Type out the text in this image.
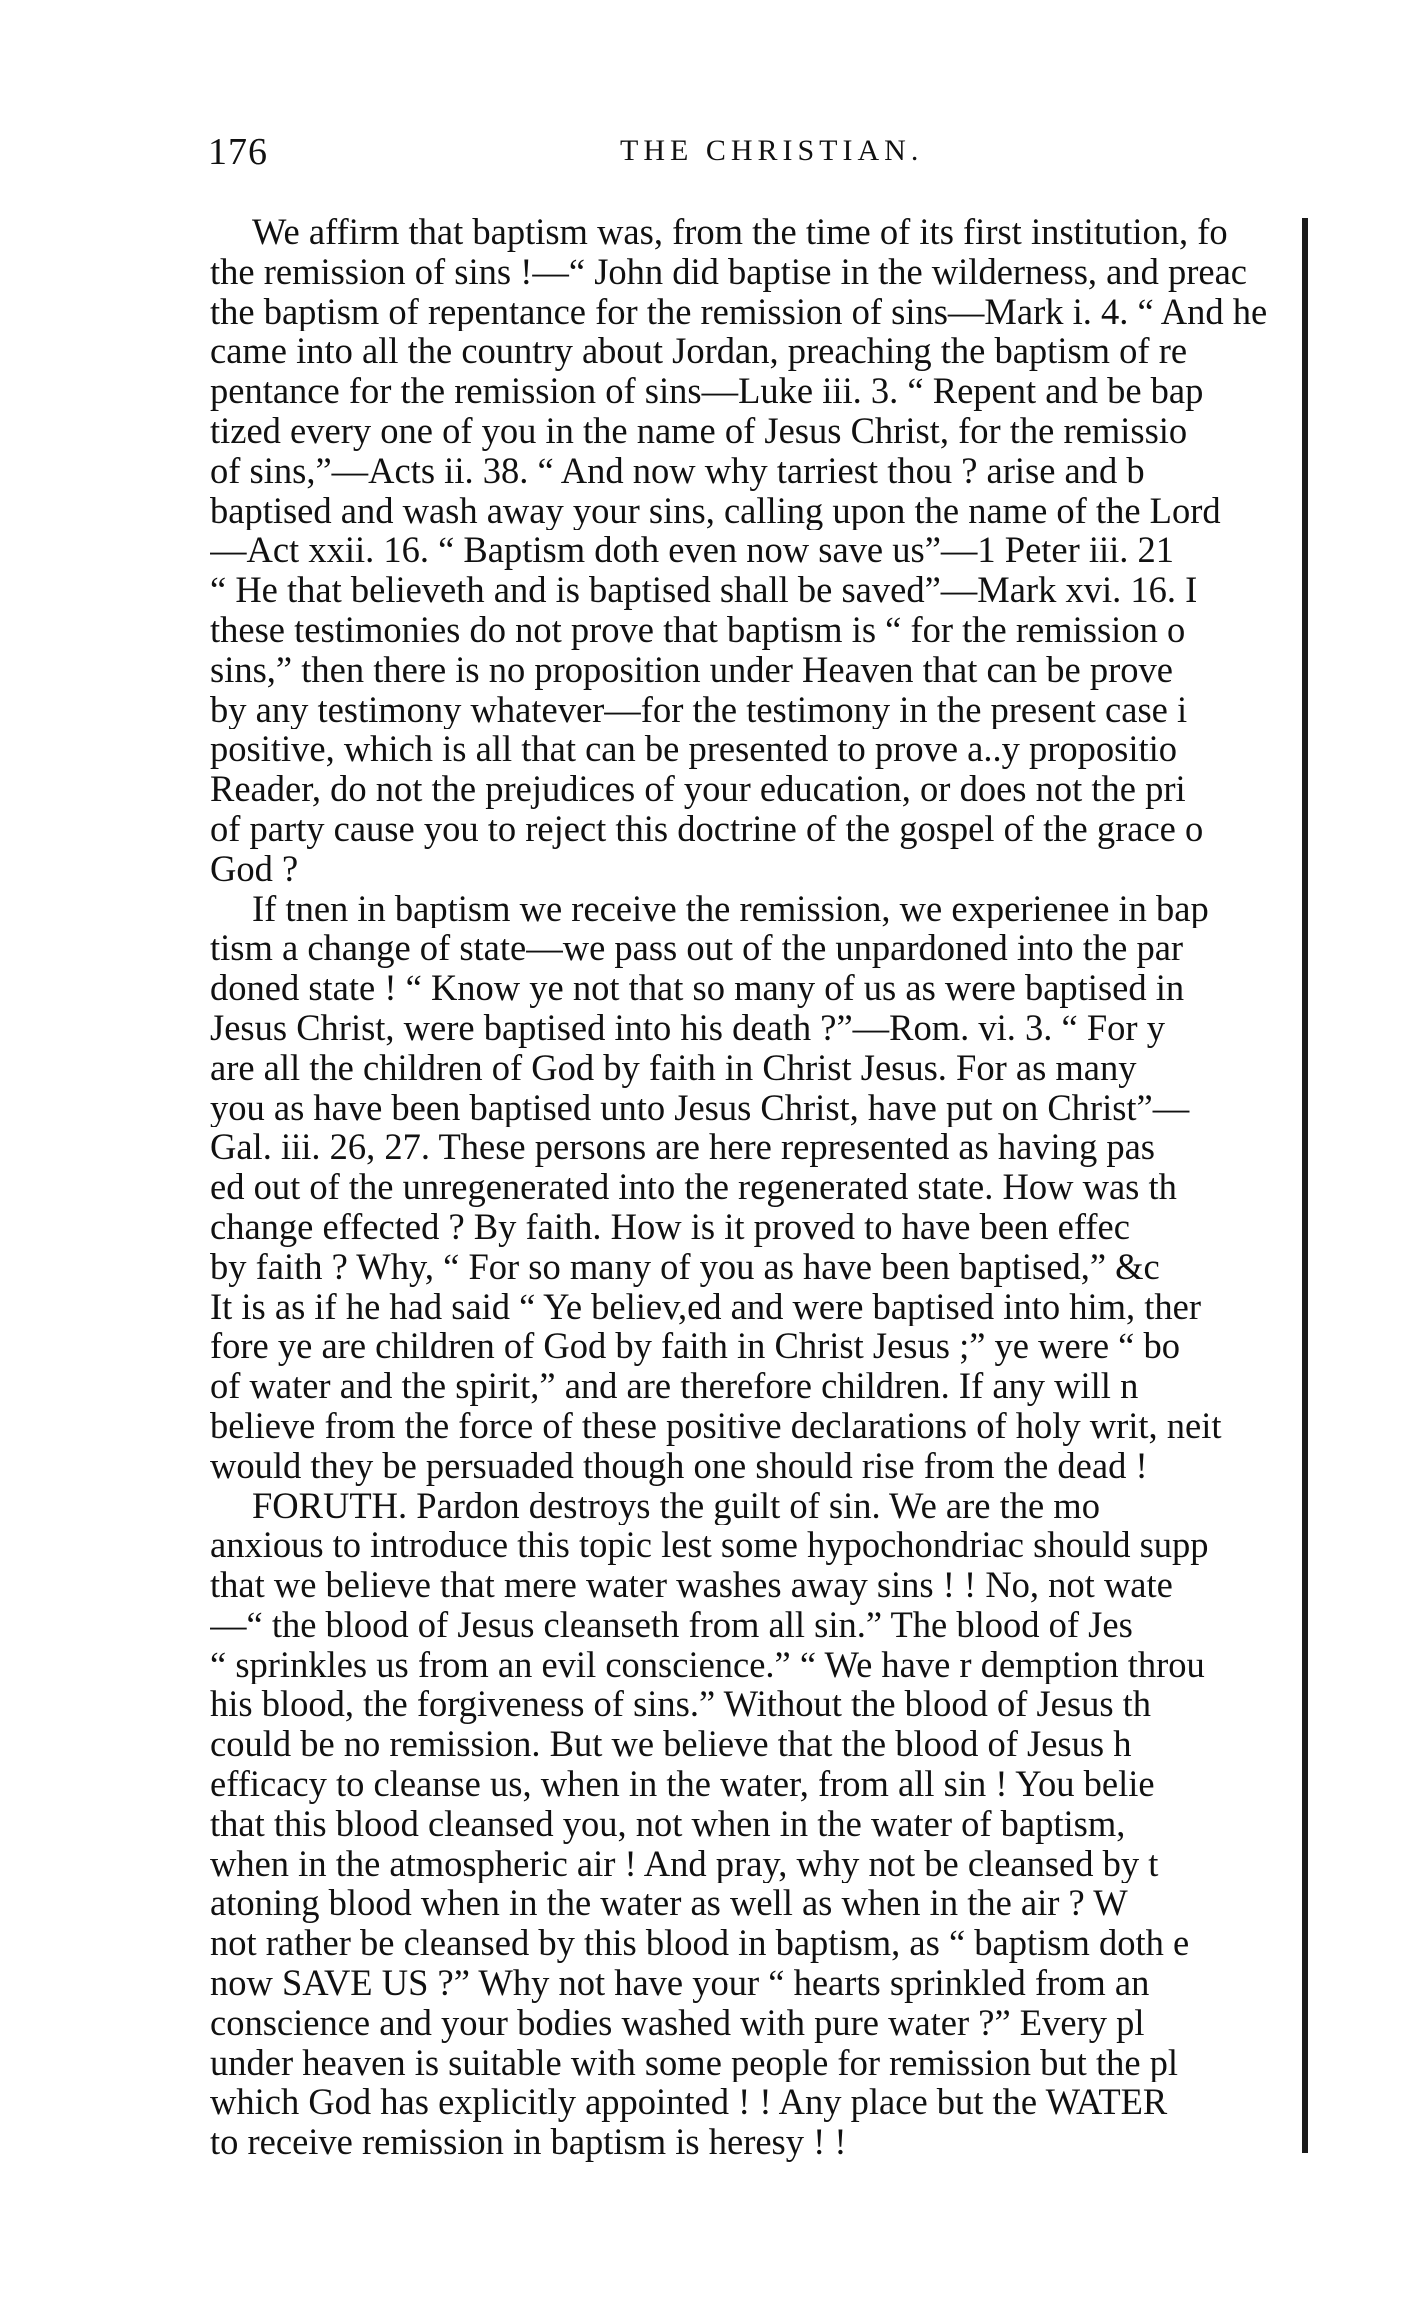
176	THE CHRISTIAN.
We affirm that baptism was, from the time of its first institution, fo
the remission of sins !—“ John did baptise in the wilderness, and preac
the baptism of repentance for the remission of sins—Mark i. 4. “ And he
came into all the country about Jordan, preaching the baptism of re
pentance for the remission of sins—Luke iii. 3. “ Repent and be bap
tized every one of you in the name of Jesus Christ, for the remissio
of sins,”—Acts ii. 38. “ And now why tarriest thou ? arise and b
baptised and wash away your sins, calling upon the name of the Lord
—Act xxii. 16. “ Baptism doth even now save us”—1 Peter iii. 21
“ He that believeth and is baptised shall be saved”—Mark xvi. 16. I
these testimonies do not prove that baptism is “ for the remission o
sins,” then there is no proposition under Heaven that can be prove
by any testimony whatever—for the testimony in the present case i
positive, which is all that can be presented to prove a..y propositio
Reader, do not the prejudices of your education, or does not the pri
of party cause you to reject this doctrine of the gospel of the grace o
God ?
If tnen in baptism we receive the remission, we experienee in bap
tism a change of state—we pass out of the unpardoned into the par
doned state ! “ Know ye not that so many of us as were baptised in
Jesus Christ, were baptised into his death ?”—Rom. vi. 3. “ For y
are all the children of God by faith in Christ Jesus. For as many
you as have been baptised unto Jesus Christ, have put on Christ”—
Gal. iii. 26, 27. These persons are here represented as having pas
ed out of the unregenerated into the regenerated state. How was th
change effected ? By faith. How is it proved to have been effec
by faith ? Why, “ For so many of you as have been baptised,” &c
It is as if he had said “ Ye believ,ed and were baptised into him, ther
fore ye are children of God by faith in Christ Jesus ;” ye were “ bo
of water and the spirit,” and are therefore children. If any will n
believe from the force of these positive declarations of holy writ, neit
would they be persuaded though one should rise from the dead !
FORUTH. Pardon destroys the guilt of sin. We are the mo
anxious to introduce this topic lest some hypochondriac should supp
that we believe that mere water washes away sins ! ! No, not wate
—“ the blood of Jesus cleanseth from all sin.” The blood of Jes
“ sprinkles us from an evil conscience.” “ We have r demption throu
his blood, the forgiveness of sins.” Without the blood of Jesus th
could be no remission. But we believe that the blood of Jesus h
efficacy to cleanse us, when in the water, from all sin ! You belie
that this blood cleansed you, not when in the water of baptism,
when in the atmospheric air ! And pray, why not be cleansed by t
atoning blood when in the water as well as when in the air ? W
not rather be cleansed by this blood in baptism, as “ baptism doth e
now SAVE US ?” Why not have your “ hearts sprinkled from an
conscience and your bodies washed with pure water ?” Every pl
under heaven is suitable with some people for remission but the pl
which God has explicitly appointed ! ! Any place but the WATER
to receive remission in baptism is heresy ! !
